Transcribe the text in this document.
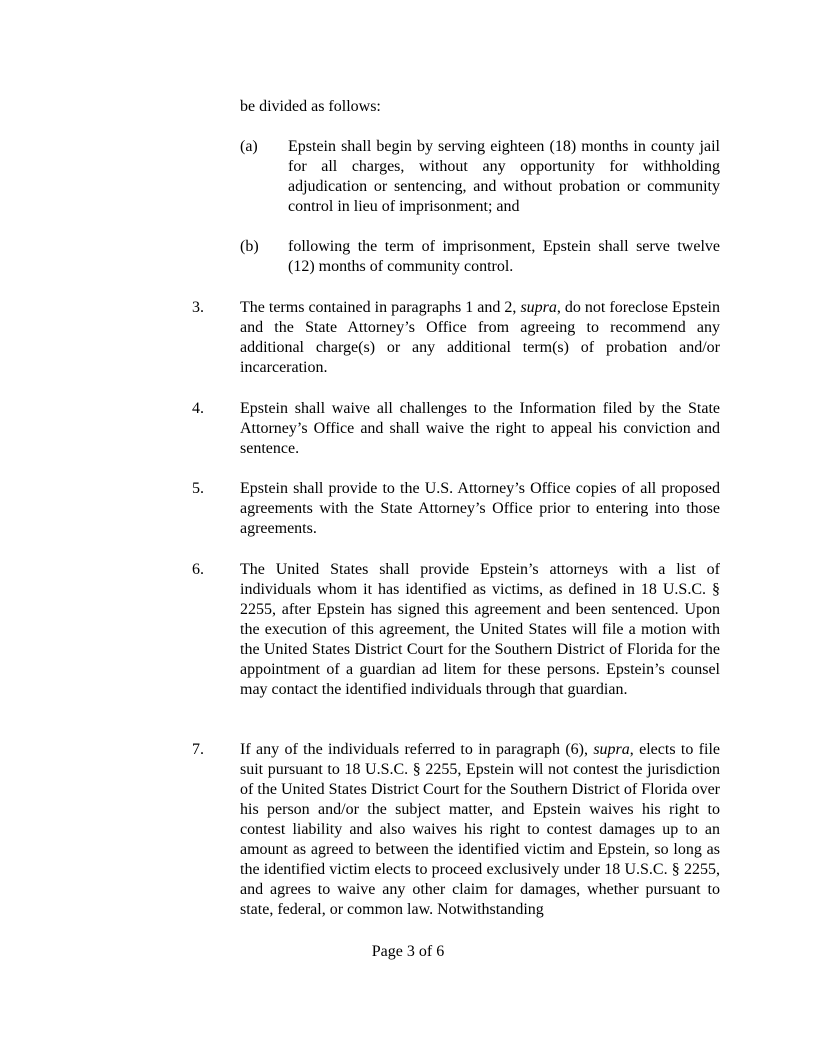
be divided as follows:

(a) Epstein shall begin by serving eighteen (18) months in county jail for all charges, without any opportunity for withholding adjudication or sentencing, and without probation or community control in lieu of imprisonment; and
(b) following the term of imprisonment, Epstein shall serve twelve (12) months of community control.
3. The terms contained in paragraphs 1 and 2, supra, do not foreclose Epstein and the State Attorney’s Office from agreeing to recommend any additional charge(s) or any additional term(s) of probation and/or incarceration.
4. Epstein shall waive all challenges to the Information filed by the State Attorney’s Office and shall waive the right to appeal his conviction and sentence.
5. Epstein shall provide to the U.S. Attorney’s Office copies of all proposed agreements with the State Attorney’s Office prior to entering into those agreements.
6. The United States shall provide Epstein’s attorneys with a list of individuals whom it has identified as victims, as defined in 18 U.S.C. § 2255, after Epstein has signed this agreement and been sentenced. Upon the execution of this agreement, the United States will file a motion with the United States District Court for the Southern District of Florida for the appointment of a guardian ad litem for these persons. Epstein’s counsel may contact the identified individuals through that guardian.
7. If any of the individuals referred to in paragraph (6), supra, elects to file suit pursuant to 18 U.S.C. § 2255, Epstein will not contest the jurisdiction of the United States District Court for the Southern District of Florida over his person and/or the subject matter, and Epstein waives his right to contest liability and also waives his right to contest damages up to an amount as agreed to between the identified victim and Epstein, so long as the identified victim elects to proceed exclusively under 18 U.S.C. § 2255, and agrees to waive any other claim for damages, whether pursuant to state, federal, or common law. Notwithstanding
Page 3 of 6
